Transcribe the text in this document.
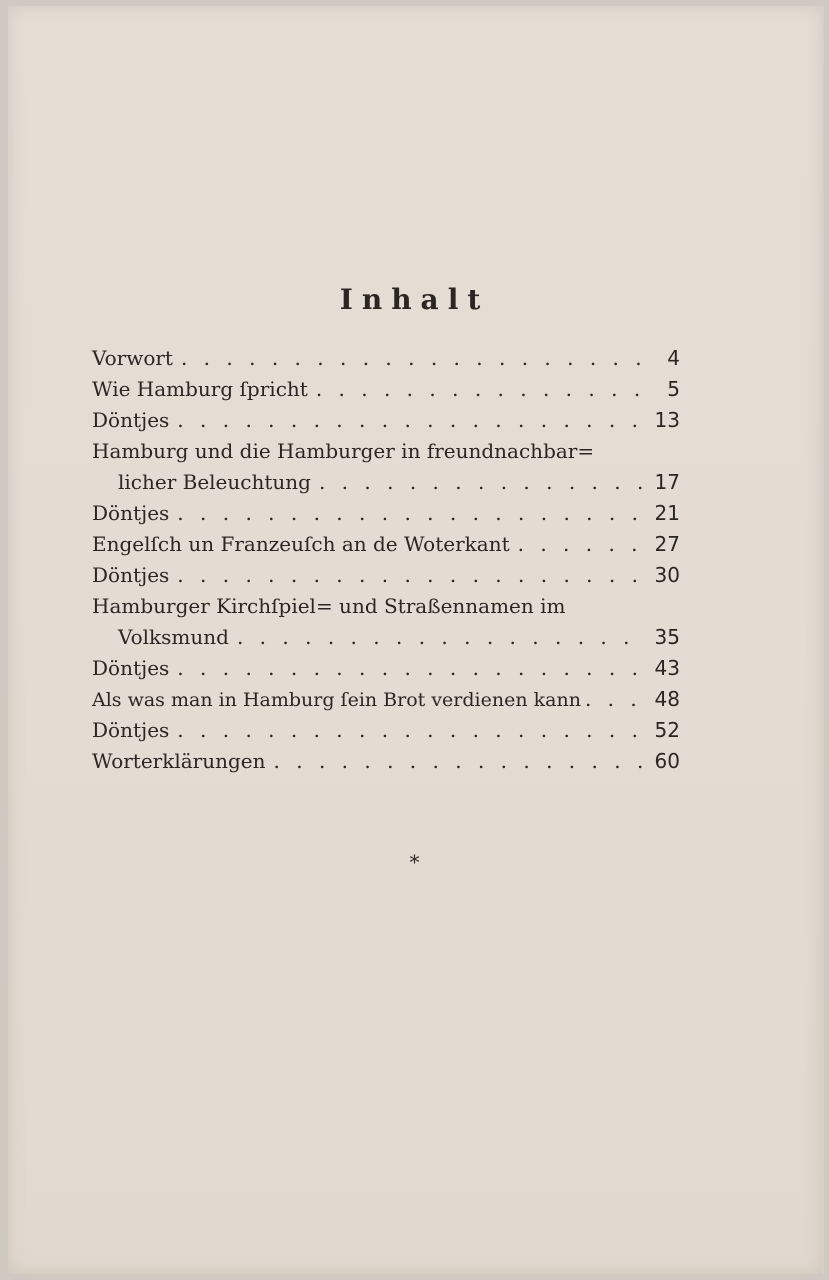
Inhalt
Vorwort . . .	4
Wie Hamburg ſpricht . . .	5
Döntjes . . .	13
Hamburg und die Hamburger in freundnachbar=
licher Beleuchtung . . .	17
Döntjes . . .	21
Engelſch un Franzeuſch an de Woterkant . . .	27
Döntjes . . .	30
Hamburger Kirchſpiel= und Straßennamen im
Volksmund . . .	35
Döntjes . . .	43
Als was man in Hamburg ſein Brot verdienen kann . . .	48
Döntjes . . .	52
Worterklärungen . . .	60
*
